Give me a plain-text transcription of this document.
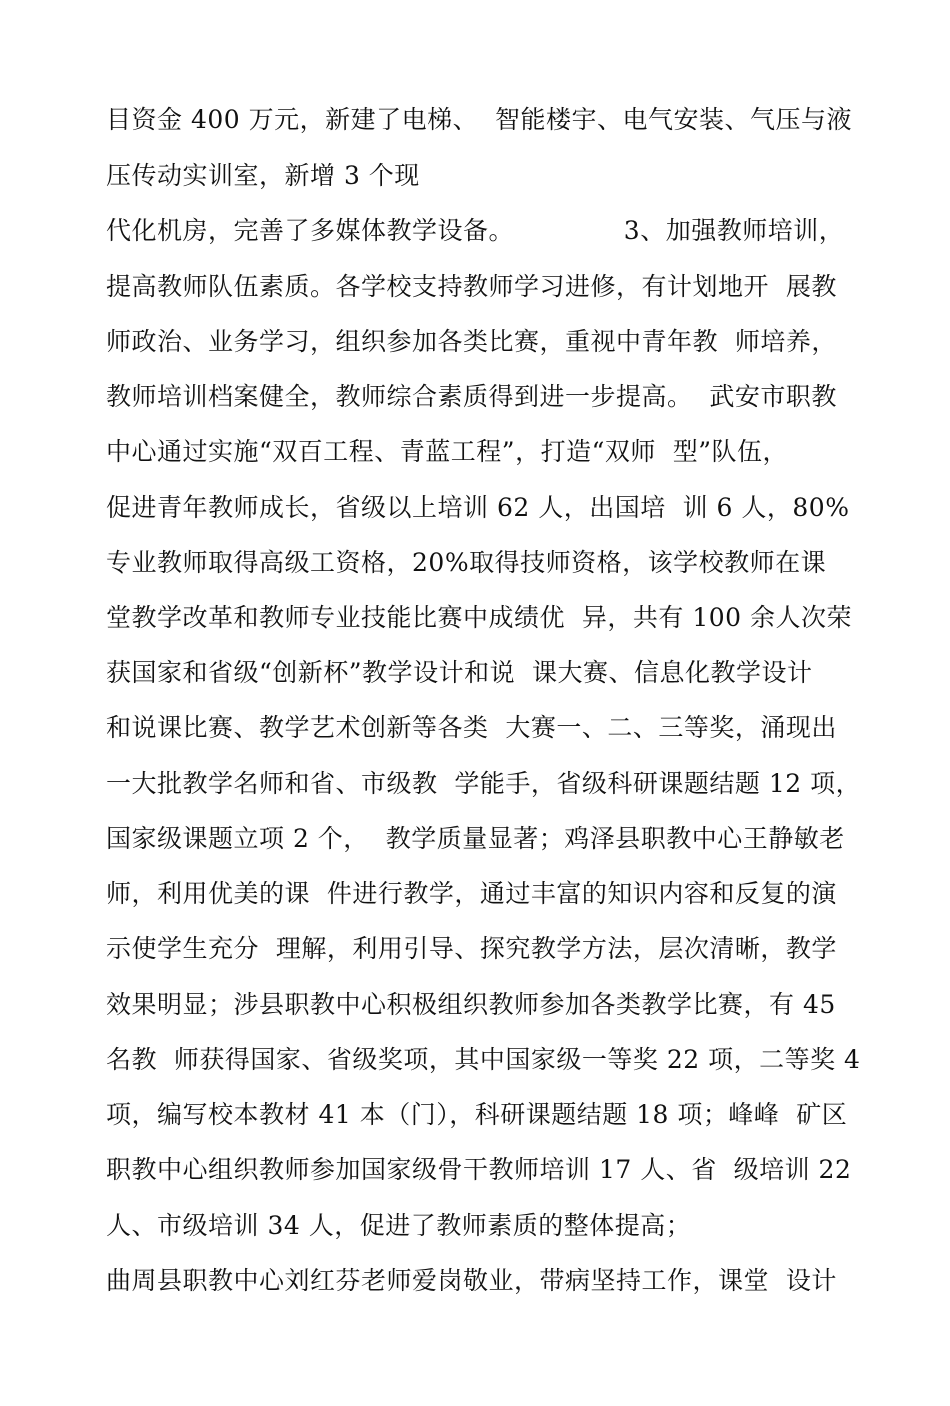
目资金 400 万元，新建了电梯、  智能楼宇、电气安装、气压与液
压传动实训室，新增 3 个现
代化机房，完善了多媒体教学设备。             3、加强教师培训，
提高教师队伍素质。各学校支持教师学习进修，有计划地开  展教
师政治、业务学习，组织参加各类比赛，重视中青年教  师培养，
教师培训档案健全，教师综合素质得到进一步提高。  武安市职教
中心通过实施“双百工程、青蓝工程”，打造“双师  型”队伍，
促进青年教师成长，省级以上培训 62 人，出国培  训 6 人，80%
专业教师取得高级工资格，20%取得技师资格，该学校教师在课
堂教学改革和教师专业技能比赛中成绩优  异，共有 100 余人次荣
获国家和省级“创新杯”教学设计和说  课大赛、信息化教学设计
和说课比赛、教学艺术创新等各类  大赛一、二、三等奖，涌现出
一大批教学名师和省、市级教  学能手，省级科研课题结题 12 项，
国家级课题立项 2 个，  教学质量显著；鸡泽县职教中心王静敏老
师，利用优美的课  件进行教学，通过丰富的知识内容和反复的演
示使学生充分  理解，利用引导、探究教学方法，层次清晰，教学
效果明显；涉县职教中心积极组织教师参加各类教学比赛，有 45
名教  师获得国家、省级奖项，其中国家级一等奖 22 项，二等奖 4
项，编写校本教材 41 本（门），科研课题结题 18 项；峰峰  矿区
职教中心组织教师参加国家级骨干教师培训 17 人、省  级培训 22
人、市级培训 34 人，促进了教师素质的整体提高；
曲周县职教中心刘红芬老师爱岗敬业，带病坚持工作，课堂  设计
